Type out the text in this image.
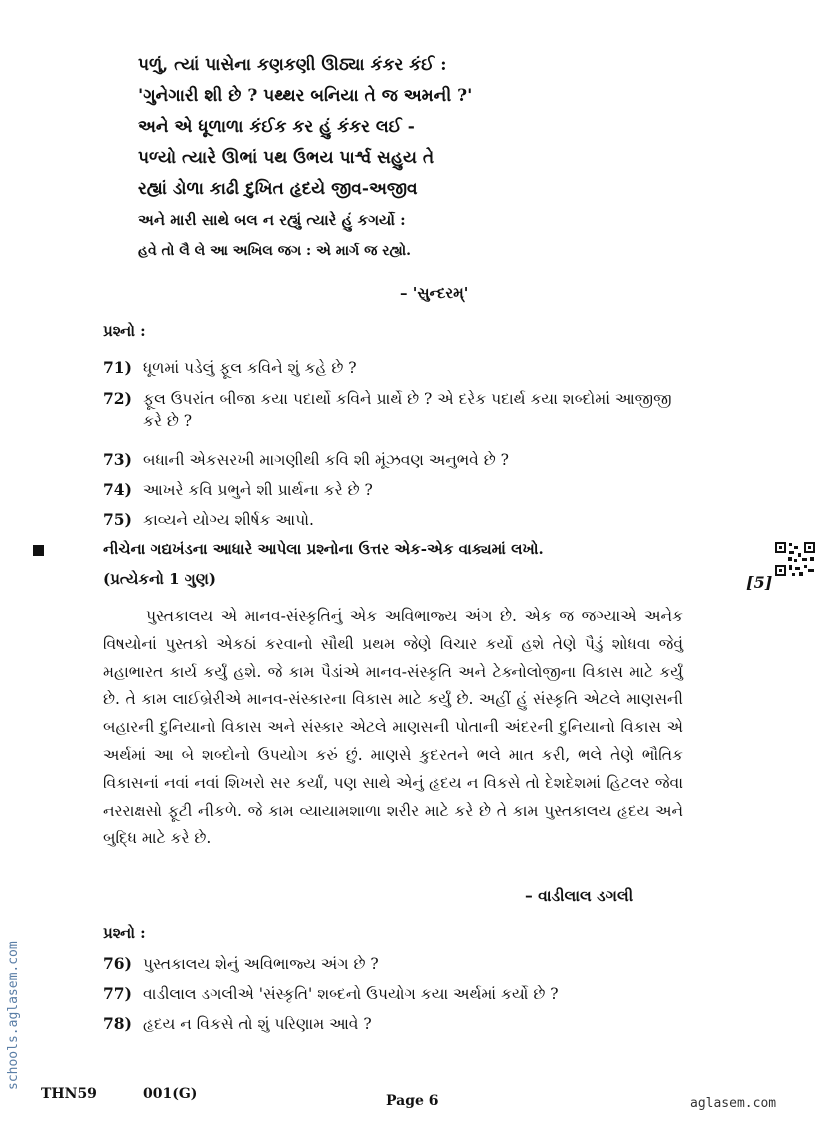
પળું, ત્યાં પાસેના કણકણી ઊઠ્યા કંકર કંઈ :
'ગુનેગારી શી છે ? પથ્થર બનિયા તે જ અમની ?'
અને એ ધૂળાળા કંઈક કર હું કંકર લઈ -
પળ્યો ત્યારે ઊભાં પથ ઉભય પાર્શ્વ સહુય તે
રહ્યાં ડોળા કાઢી દુખિત હૃદયે જીવ-અજીવ
અને મારી સાથે બલ ન રહ્યું ત્યારે હું કગર્યો :
હવે તો લૈ લે આ અખિલ જગ : એ માર્ગ જ રહ્યો.
– 'સુન્દરમ્'
પ્રશ્નો :
71) ધૂળમાં પડેલું ફૂલ કવિને શું કહે છે ?
72) ફૂલ ઉપરાંત બીજા કયા પદાર્થો કવિને પ્રાર્થે છે ? એ દરેક પદાર્થ કયા શબ્દોમાં આજીજી કરે છે ?
73) બધાની એકસરખી માગણીથી કવિ શી મૂંઝવણ અનુભવે છે ?
74) આખરે કવિ પ્રભુને શી પ્રાર્થના કરે છે ?
75) કાવ્યને યોગ્ય શીર્ષક આપો.
નીચેના ગદ્યખંડના આધારે આપેલા પ્રશ્નોના ઉત્તર એક-એક વાક્યમાં લખો.
(પ્રત્યેકનો 1 ગુણ)	[5]
પુસ્તકાલય એ માનવ-સંસ્કૃતિનું એક અવિભાજ્ય અંગ છે. એક જ જગ્યાએ અનેક વિષયોનાં પુસ્તકો એકઠાં કરવાનો સૌથી પ્રથમ જેણે વિચાર કર્યો હશે તેણે પૈડું શોધવા જેવું મહાભારત કાર્ય કર્યું હશે. જે કામ પૈડાંએ માનવ-સંસ્કૃતિ અને ટેક્નોલોજીના વિકાસ માટે કર્યું છે. તે કામ લાઈબ્રેરીએ માનવ-સંસ્કારના વિકાસ માટે કર્યું છે. અહીં હું સંસ્કૃતિ એટલે માણસની બહારની દુનિયાનો વિકાસ અને સંસ્કાર એટલે માણસની પોતાની અંદરની દુનિયાનો વિકાસ એ અર્થમાં આ બે શબ્દોનો ઉપયોગ કરું છું. માણસે કુદરતને ભલે માત કરી, ભલે તેણે ભૌતિક વિકાસનાં નવાં નવાં શિખરો સર કર્યાં, પણ સાથે એનું હૃદય ન વિકસે તો દેશદેશમાં હિટલર જેવા નરરાક્ષસો ફૂટી નીકળે. જે કામ વ્યાયામશાળા શરીર માટે કરે છે તે કામ પુસ્તકાલય હૃદય અને બુદ્ધિ માટે કરે છે.
– વાડીલાલ ડગલી
પ્રશ્નો :
76) પુસ્તકાલય શેનું અવિભાજ્ય અંગ છે ?
77) વાડીલાલ ડગલીએ 'સંસ્કૃતિ' શબ્દનો ઉપયોગ કયા અર્થમાં કર્યો છે ?
78) હૃદય ન વિકસે તો શું પરિણામ આવે ?
schools.aglasem.com
THN59	001(G)	Page 6	aglasem.com
